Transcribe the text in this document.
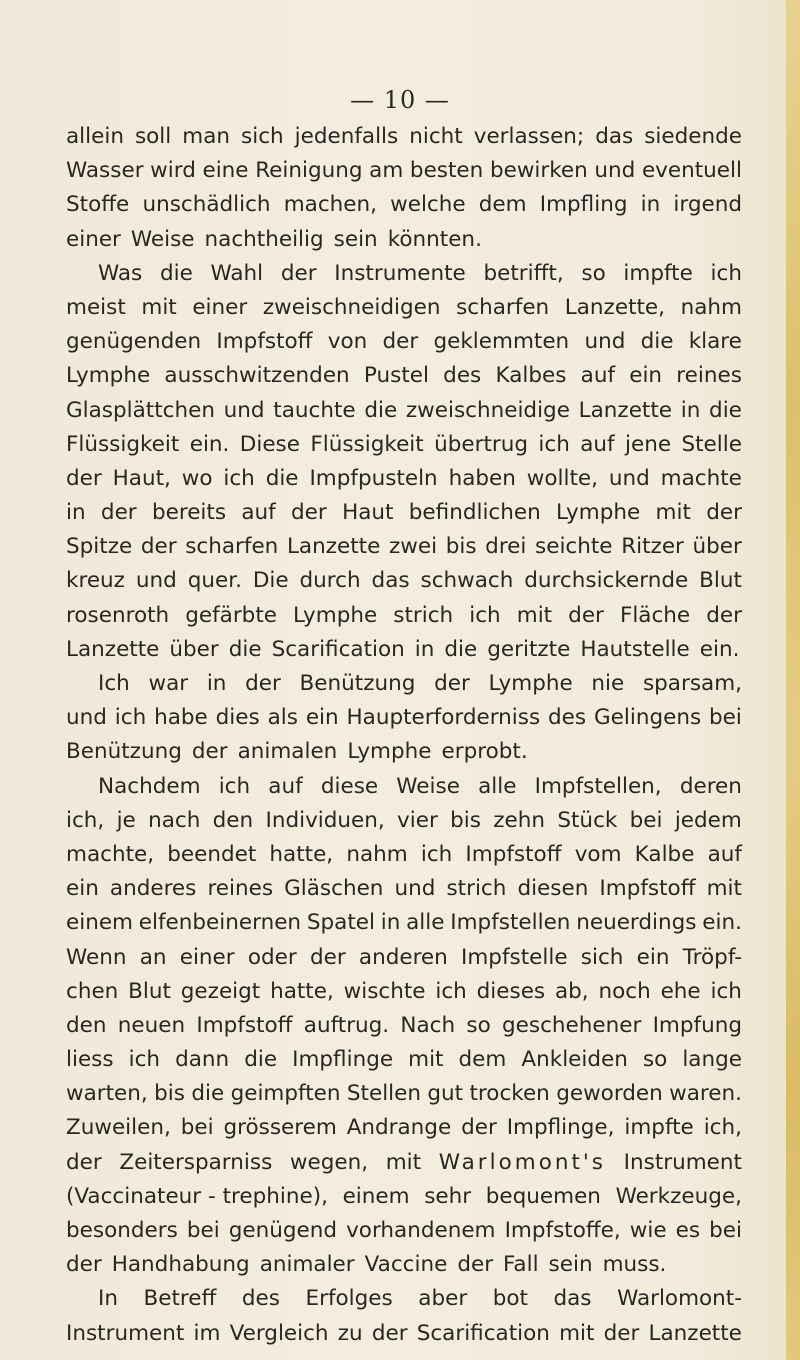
— 10 —
allein soll man sich jedenfalls nicht verlassen; das siedende
Wasser wird eine Reinigung am besten bewirken und eventuell
Stoffe unschädlich machen, welche dem Impfling in irgend
einer Weise nachtheilig sein könnten.
Was die Wahl der Instrumente betrifft, so impfte ich
meist mit einer zweischneidigen scharfen Lanzette, nahm
genügenden Impfstoff von der geklemmten und die klare
Lymphe ausschwitzenden Pustel des Kalbes auf ein reines
Glasplättchen und tauchte die zweischneidige Lanzette in die
Flüssigkeit ein. Diese Flüssigkeit übertrug ich auf jene Stelle
der Haut, wo ich die Impfpusteln haben wollte, und machte
in der bereits auf der Haut befindlichen Lymphe mit der
Spitze der scharfen Lanzette zwei bis drei seichte Ritzer über
kreuz und quer. Die durch das schwach durchsickernde Blut
rosenroth gefärbte Lymphe strich ich mit der Fläche der
Lanzette über die Scarification in die geritzte Hautstelle ein.
Ich war in der Benützung der Lymphe nie sparsam,
und ich habe dies als ein Haupterforderniss des Gelingens bei
Benützung der animalen Lymphe erprobt.
Nachdem ich auf diese Weise alle Impfstellen, deren
ich, je nach den Individuen, vier bis zehn Stück bei jedem
machte, beendet hatte, nahm ich Impfstoff vom Kalbe auf
ein anderes reines Gläschen und strich diesen Impfstoff mit
einem elfenbeinernen Spatel in alle Impfstellen neuerdings ein.
Wenn an einer oder der anderen Impfstelle sich ein Tröpf-
chen Blut gezeigt hatte, wischte ich dieses ab, noch ehe ich
den neuen Impfstoff auftrug. Nach so geschehener Impfung
liess ich dann die Impflinge mit dem Ankleiden so lange
warten, bis die geimpften Stellen gut trocken geworden waren.
Zuweilen, bei grösserem Andrange der Impflinge, impfte ich,
der Zeitersparniss wegen, mit Warlomont's Instrument
(Vaccinateur - trephine), einem sehr bequemen Werkzeuge,
besonders bei genügend vorhandenem Impfstoffe, wie es bei
der Handhabung animaler Vaccine der Fall sein muss.
In Betreff des Erfolges aber bot das Warlomont-
Instrument im Vergleich zu der Scarification mit der Lanzette
